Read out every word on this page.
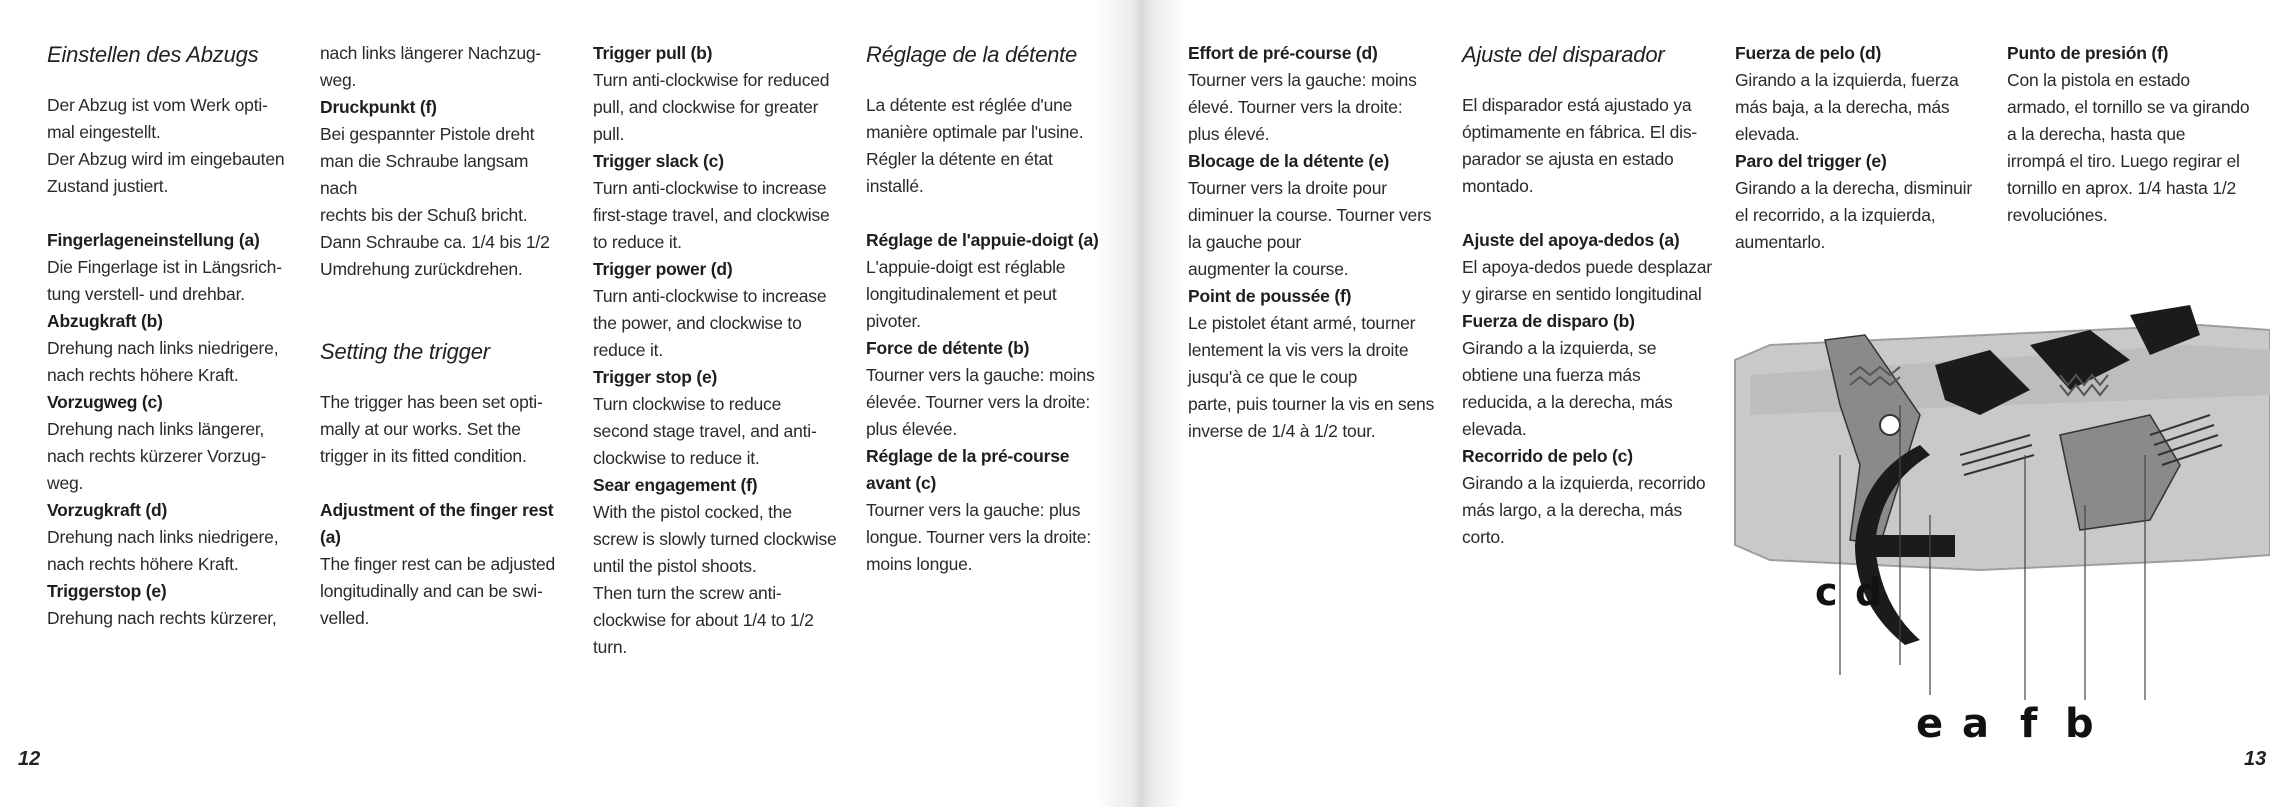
Einstellen des Abzugs

Der Abzug ist vom Werk opti-

mal eingestellt.

Der Abzug wird im eingebauten

Zustand justiert.

Fingerlageneinstellung (a)

Die Fingerlage ist in Längsrich-

tung verstell- und drehbar.

Abzugkraft (b)

Drehung nach links niedrigere,

nach rechts höhere Kraft.

Vorzugweg (c)

Drehung nach links längerer,

nach rechts kürzerer Vorzug-

weg.

Vorzugkraft (d)

Drehung nach links niedrigere,

nach rechts höhere Kraft.

Triggerstop (e)

Drehung nach rechts kürzerer,

nach links längerer Nachzug-

weg.

Druckpunkt (f)

Bei gespannter Pistole dreht

man die Schraube langsam nach

rechts bis der Schuß bricht.

Dann Schraube ca. 1/4 bis 1/2

Umdrehung zurückdrehen.

Setting the trigger

The trigger has been set opti-

mally at our works. Set the

trigger in its fitted condition.

Adjustment of the finger rest

(a)

The finger rest can be adjusted

longitudinally and can be swi-

velled.

Trigger pull (b)

Turn anti-clockwise for reduced

pull, and clockwise for greater

pull.

Trigger slack (c)

Turn anti-clockwise to increase

first-stage travel, and clockwise

to reduce it.

Trigger power (d)

Turn anti-clockwise to increase

the power, and clockwise to

reduce it.

Trigger stop (e)

Turn clockwise to reduce

second stage travel, and anti-

clockwise to reduce it.

Sear engagement (f)

With the pistol cocked, the

screw is slowly turned clockwise

until the pistol shoots.

Then turn the screw anti-

clockwise for about 1/4 to 1/2

turn.

Réglage de la détente

La détente est réglée d'une

manière optimale par l'usine.

Régler la détente en état

installé.

Réglage de l'appuie-doigt (a)

L'appuie-doigt est réglable

longitudinalement et peut

pivoter.

Force de détente (b)

Tourner vers la gauche: moins

élevée. Tourner vers la droite:

plus élevée.

Réglage de la pré-course

avant (c)

Tourner vers la gauche: plus

longue. Tourner vers la droite:

moins longue.

Effort de pré-course (d)

Tourner vers la gauche: moins

élevé. Tourner vers la droite:

plus élevé.

Blocage de la détente (e)

Tourner vers la droite pour

diminuer la course. Tourner vers

la gauche pour

augmenter la course.

Point de poussée (f)

Le pistolet étant armé, tourner

lentement la vis vers la droite

jusqu'à ce que le coup

parte, puis tourner la vis en sens

inverse de 1/4 à 1/2 tour.

Ajuste del disparador

El disparador está ajustado ya

óptimamente en fábrica. El dis-

parador se ajusta en estado

montado.

Ajuste del apoya-dedos (a)

El apoya-dedos puede desplazar

y girarse en sentido longitudinal

Fuerza de disparo (b)

Girando a la izquierda, se

obtiene una fuerza más

reducida, a la derecha, más

elevada.

Recorrido de pelo (c)

Girando a la izquierda, recorrido

más largo, a la derecha, más

corto.

Fuerza de pelo (d)

Girando a la izquierda, fuerza

más baja, a la derecha, más

elevada.

Paro del trigger (e)

Girando a la derecha, disminuir

el recorrido, a la izquierda,

aumentarlo.

Punto de presión (f)

Con la pistola en estado

armado, el tornillo se va girando

a la derecha, hasta que

irrompá el tiro. Luego regirar el

tornillo en aprox. 1/4 hasta 1/2

revoluciónes.

12	13
c d
e a f b
